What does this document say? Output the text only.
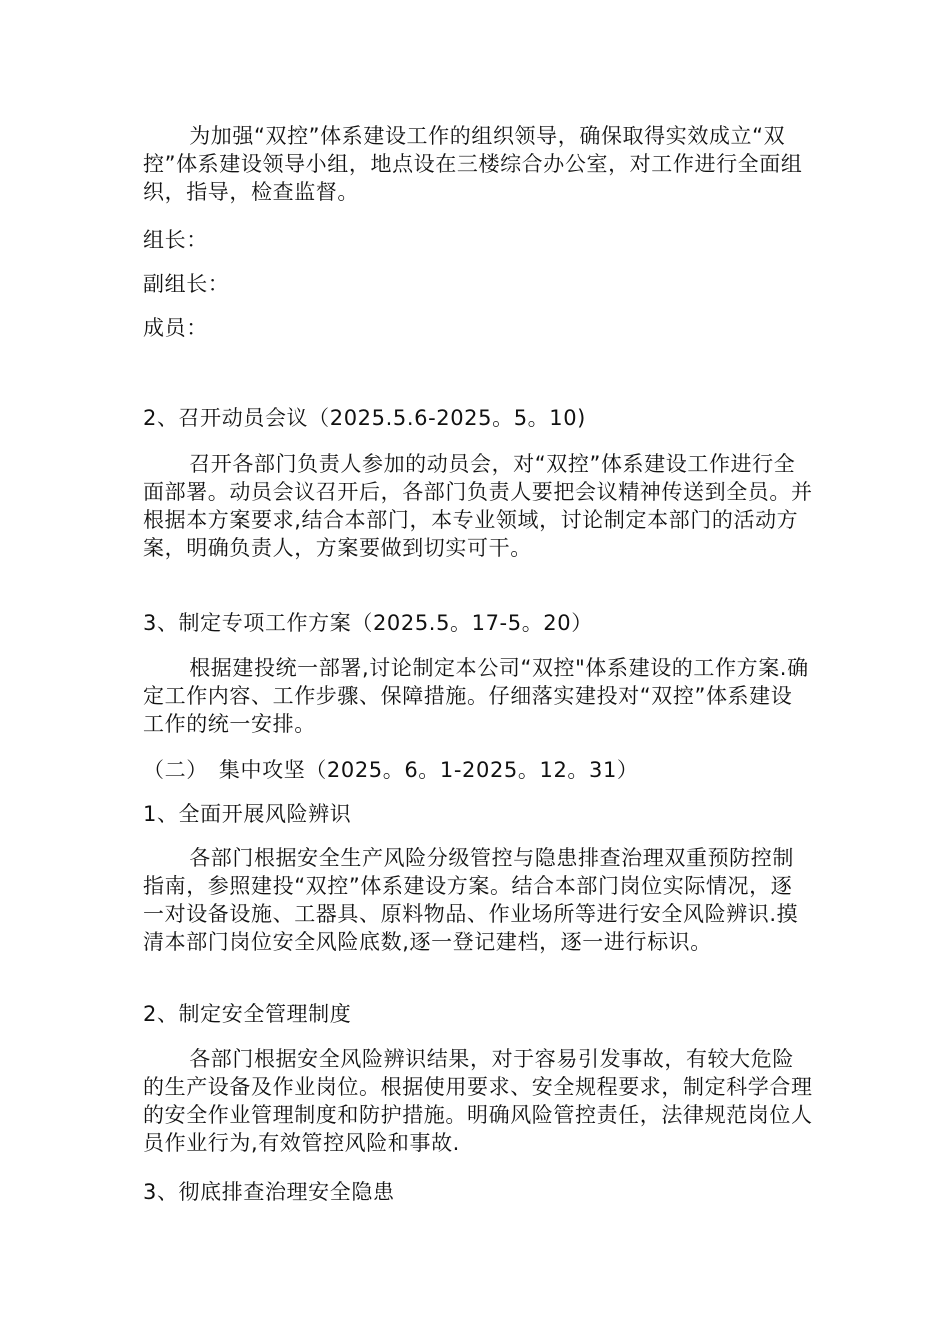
为加强“双控”体系建设工作的组织领导，确保取得实效成立“双控”体系建设领导小组，地点设在三楼综合办公室，对工作进行全面组织，指导，检查监督。
组长：
副组长：
成员：
2、召开动员会议（2025.5.6-2025。5。10)
召开各部门负责人参加的动员会，对“双控”体系建设工作进行全面部署。动员会议召开后，各部门负责人要把会议精神传送到全员。并根据本方案要求,结合本部门，本专业领域，讨论制定本部门的活动方案，明确负责人，方案要做到切实可干。
3、制定专项工作方案（2025.5。17-5。20）
根据建投统一部署,讨论制定本公司“双控"体系建设的工作方案.确定工作内容、工作步骤、保障措施。仔细落实建投对“双控”体系建设工作的统一安排。
（二）　集中攻坚（2025。6。1-2025。12。31）
1、全面开展风险辨识
各部门根据安全生产风险分级管控与隐患排查治理双重预防控制指南，参照建投“双控”体系建设方案。结合本部门岗位实际情况，逐一对设备设施、工器具、原料物品、作业场所等进行安全风险辨识.摸清本部门岗位安全风险底数,逐一登记建档，逐一进行标识。
2、制定安全管理制度
各部门根据安全风险辨识结果，对于容易引发事故，有较大危险的生产设备及作业岗位。根据使用要求、安全规程要求，制定科学合理的安全作业管理制度和防护措施。明确风险管控责任，法律规范岗位人员作业行为,有效管控风险和事故.
3、彻底排查治理安全隐患
